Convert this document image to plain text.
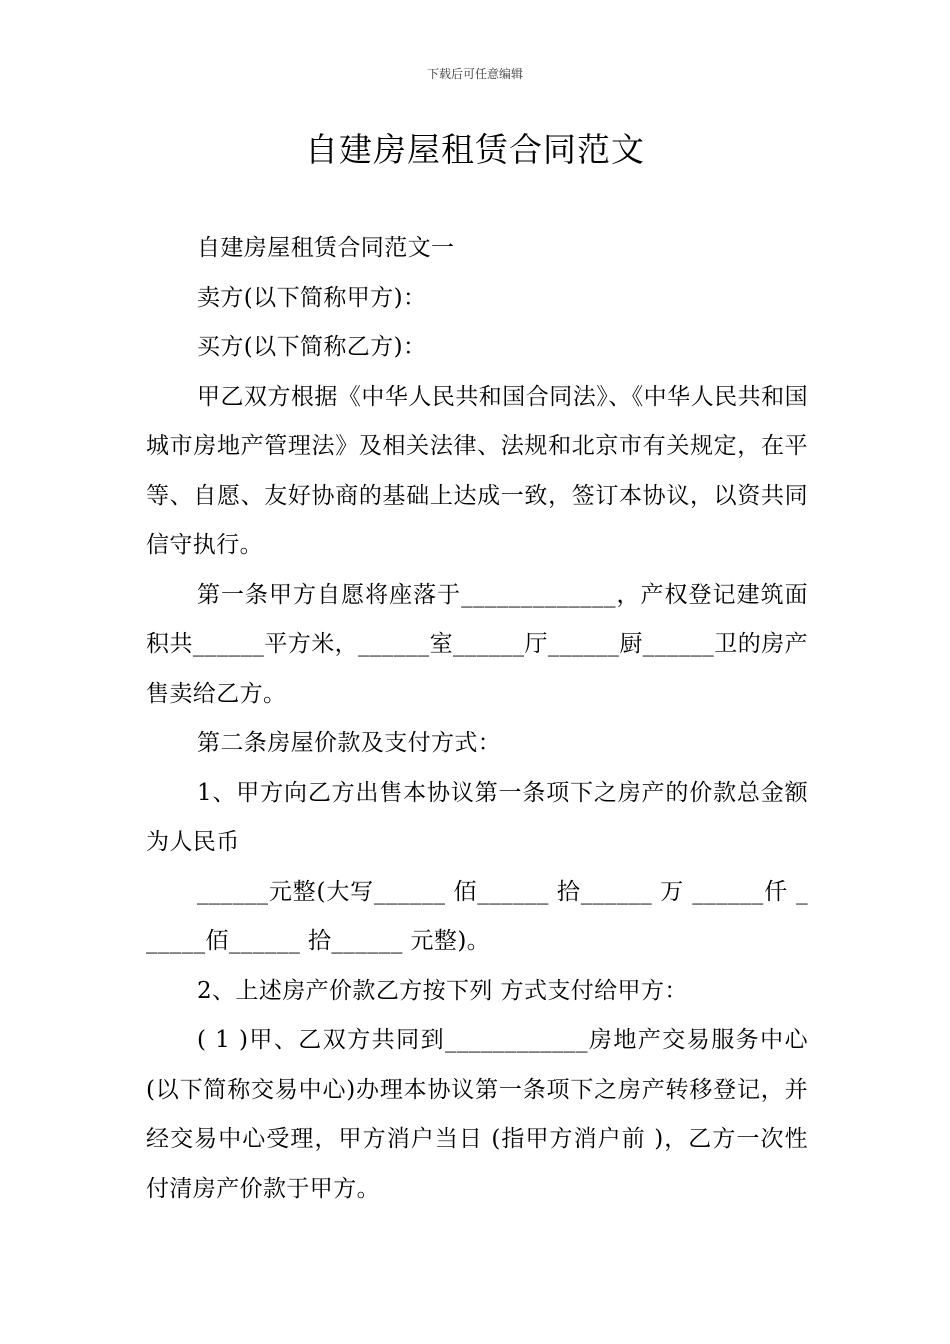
下载后可任意编辑
自建房屋租赁合同范文

自建房屋租赁合同范文一

卖方(以下简称甲方)：

买方(以下简称乙方)：

甲乙双方根据《中华人民共和国合同法》、《中华人民共和国城市房地产管理法》及相关法律、法规和北京市有关规定，在平等、自愿、友好协商的基础上达成一致，签订本协议，以资共同信守执行。

第一条甲方自愿将座落于_____________，产权登记建筑面积共______平方米，______室______厅______厨______卫的房产售卖给乙方。

第二条房屋价款及支付方式：

1、甲方向乙方出售本协议第一条项下之房产的价款总金额为人民币

______元整(大写______ 佰______ 拾______ 万 ______仟 ______佰______ 拾______ 元整)。

2、上述房产价款乙方按下列 方式支付给甲方：

( 1 )甲、乙双方共同到____________房地产交易服务中心(以下简称交易中心)办理本协议第一条项下之房产转移登记，并经交易中心受理，甲方消户当日 (指甲方消户前 )，乙方一次性付清房产价款于甲方。
